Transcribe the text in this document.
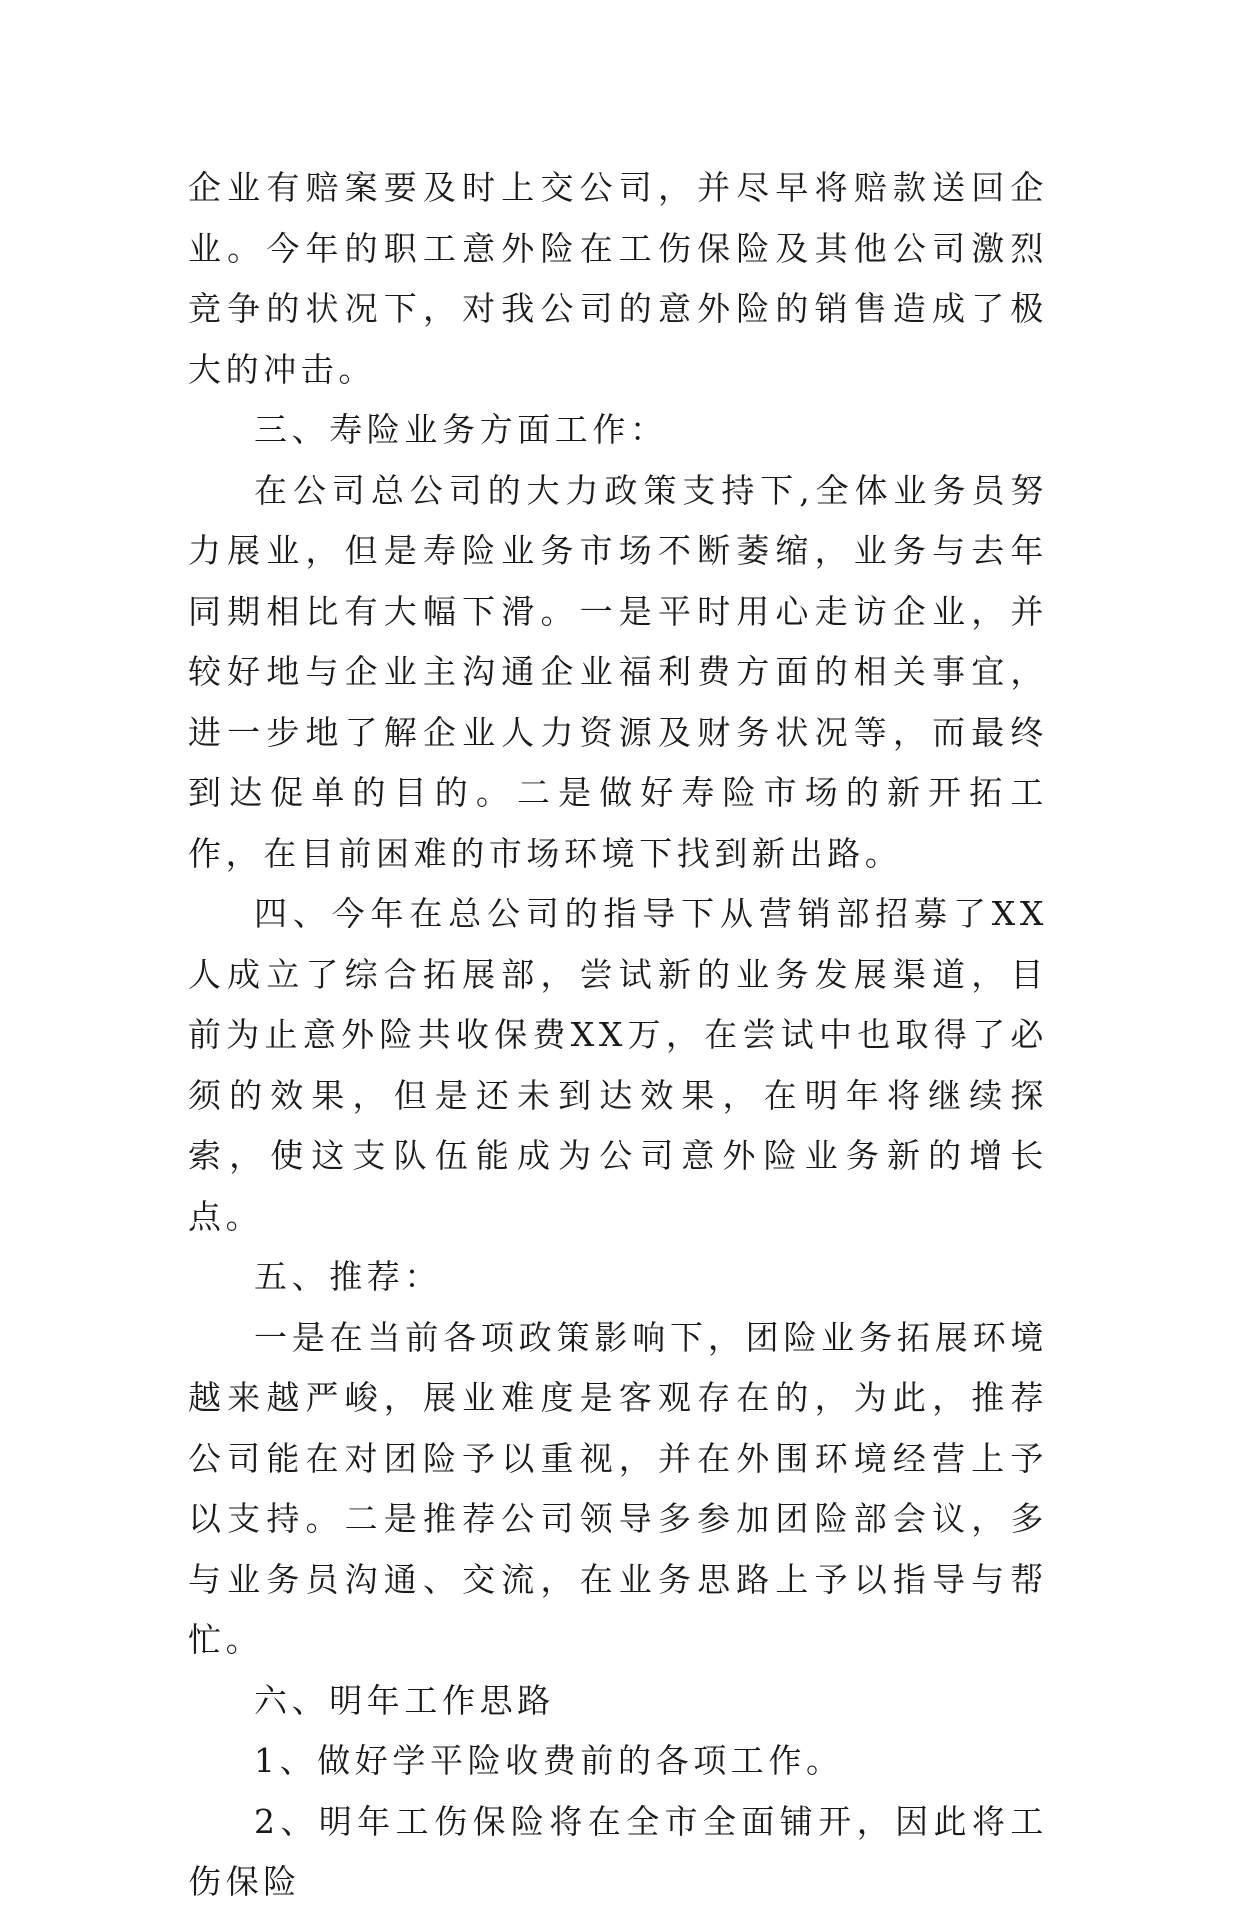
企业有赔案要及时上交公司，并尽早将赔款送回企业。今年的职工意外险在工伤保险及其他公司激烈竞争的状况下，对我公司的意外险的销售造成了极大的冲击。

三、寿险业务方面工作：

在公司总公司的大力政策支持下,全体业务员努力展业，但是寿险业务市场不断萎缩，业务与去年同期相比有大幅下滑。一是平时用心走访企业，并较好地与企业主沟通企业福利费方面的相关事宜，进一步地了解企业人力资源及财务状况等，而最终到达促单的目的。二是做好寿险市场的新开拓工作，在目前困难的市场环境下找到新出路。

四、今年在总公司的指导下从营销部招募了XX人成立了综合拓展部，尝试新的业务发展渠道，目前为止意外险共收保费XX万，在尝试中也取得了必须的效果，但是还未到达效果，在明年将继续探索，使这支队伍能成为公司意外险业务新的增长点。

五、推荐：

一是在当前各项政策影响下，团险业务拓展环境越来越严峻，展业难度是客观存在的，为此，推荐公司能在对团险予以重视，并在外围环境经营上予以支持。二是推荐公司领导多参加团险部会议，多与业务员沟通、交流，在业务思路上予以指导与帮忙。

六、明年工作思路

1、做好学平险收费前的各项工作。

2、明年工伤保险将在全市全面铺开，因此将工伤保险
